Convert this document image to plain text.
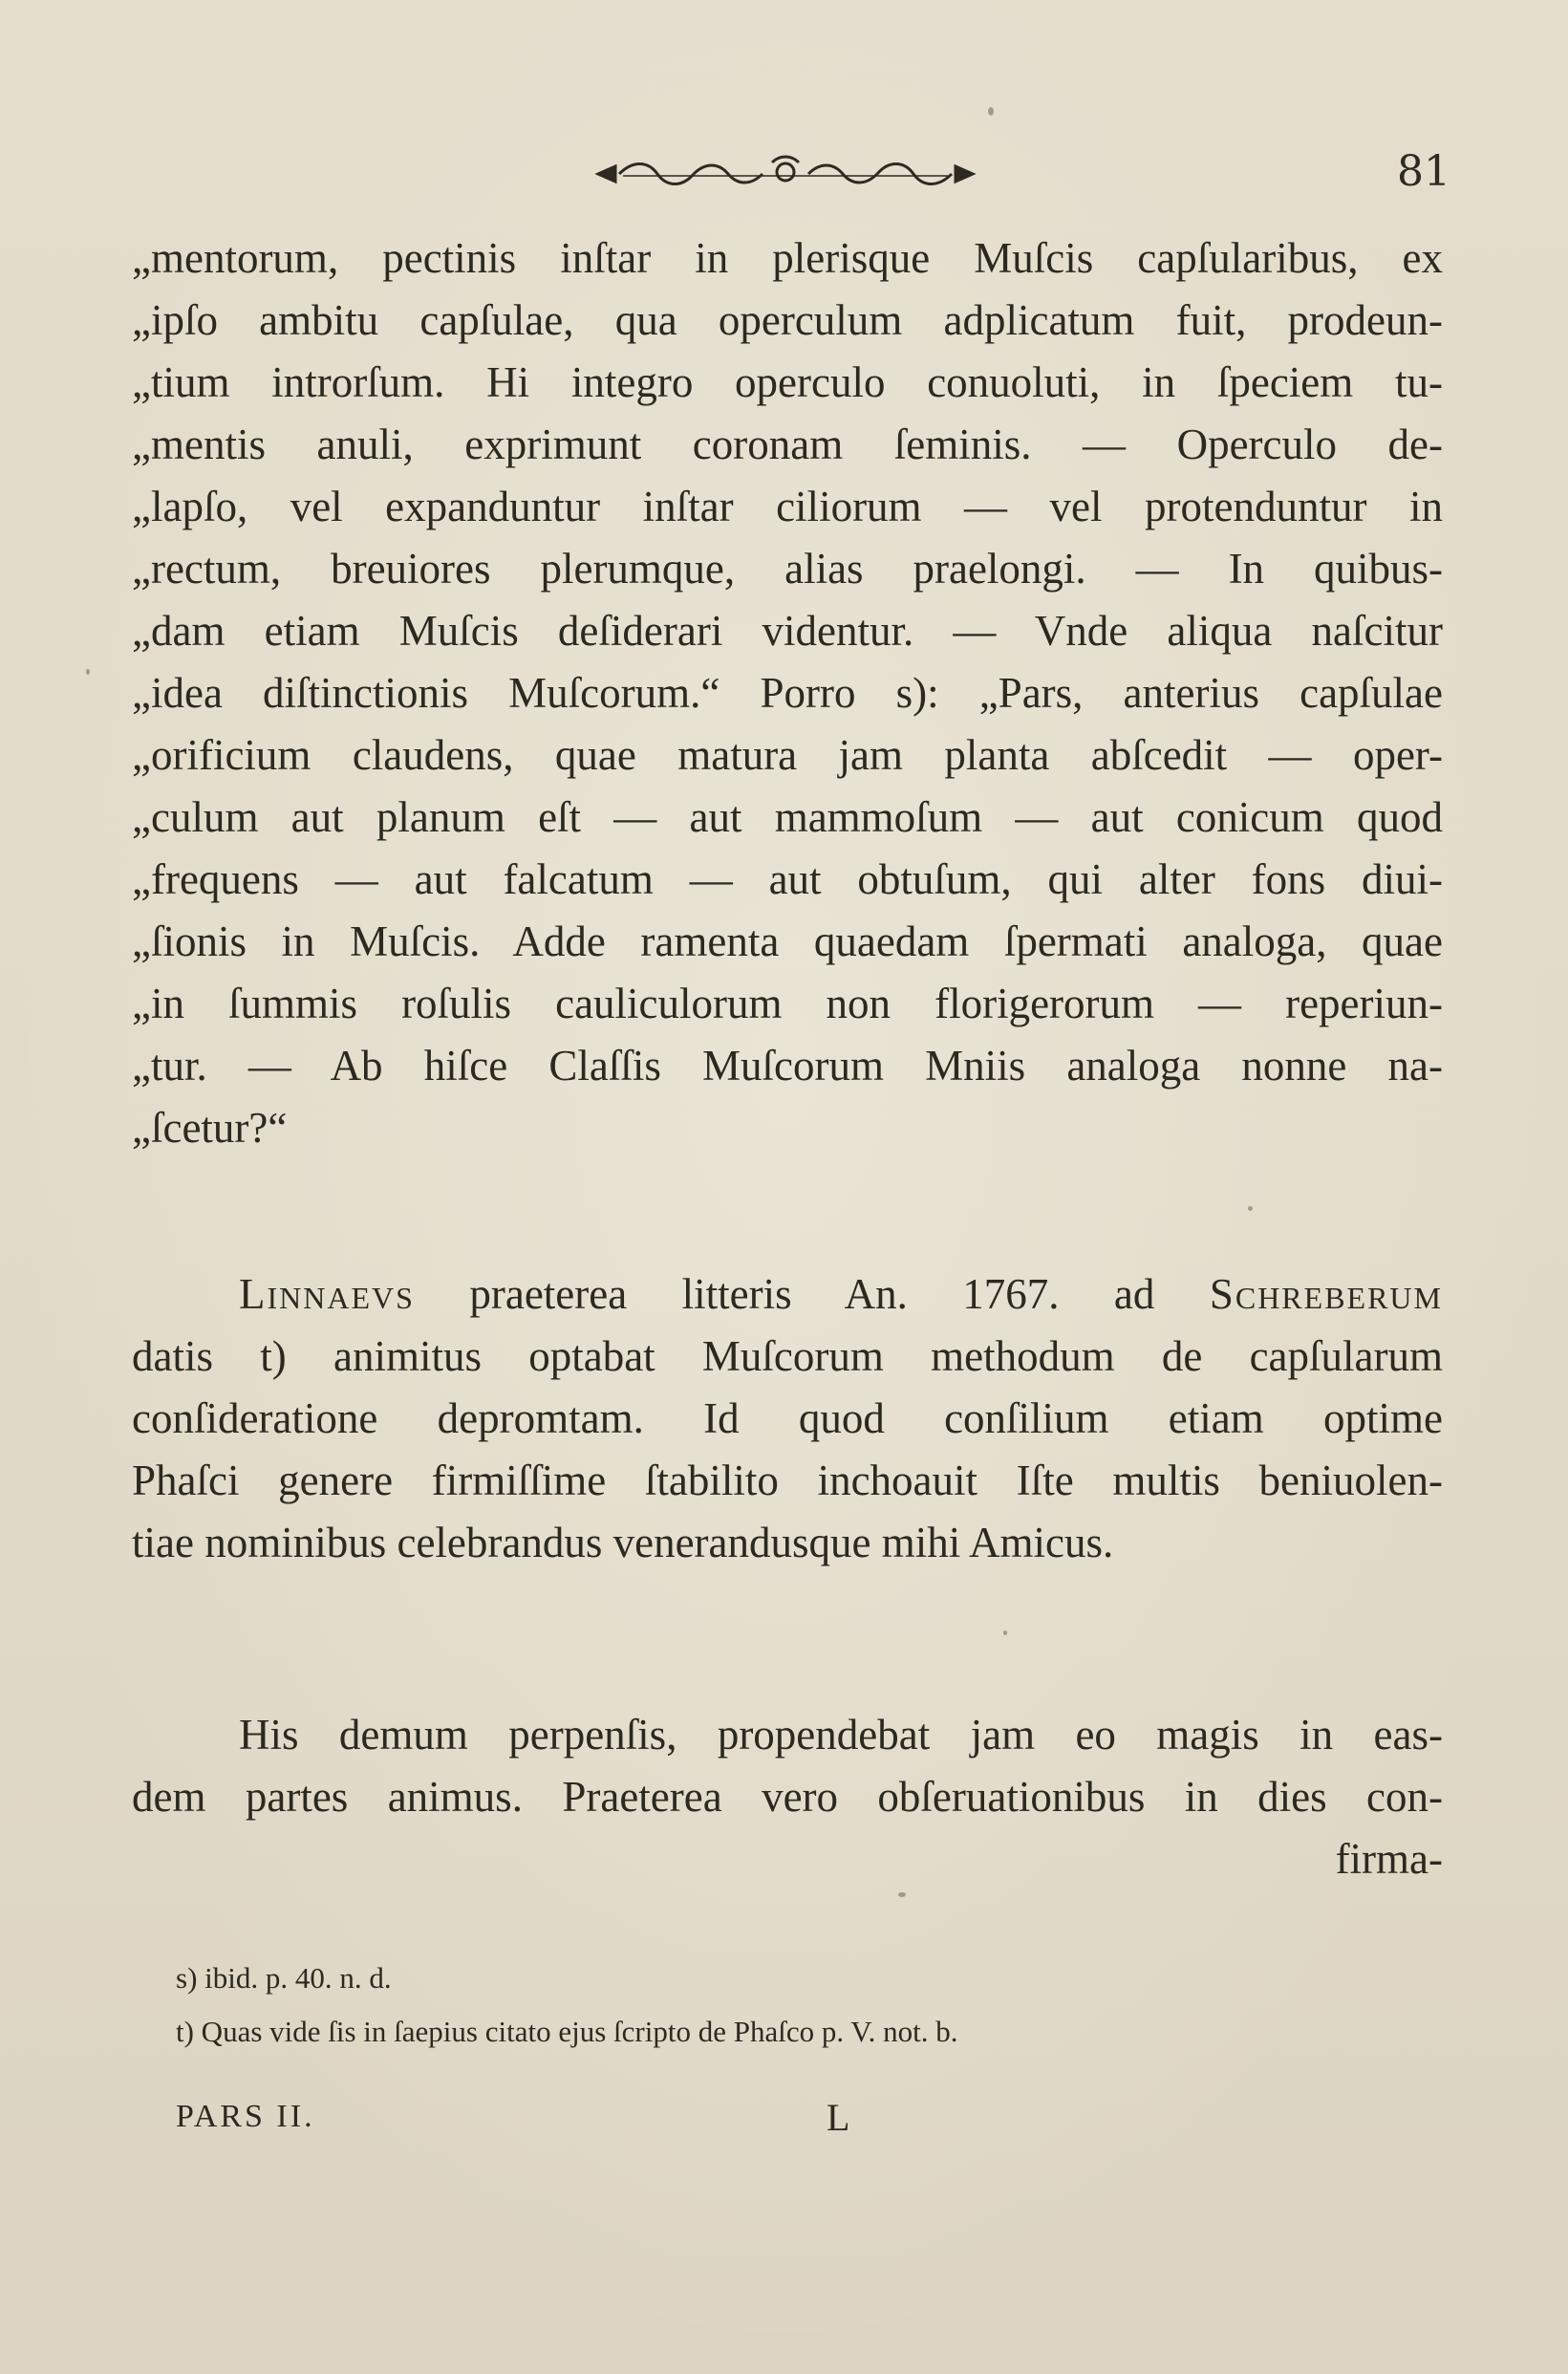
81
„mentorum, pectinis inſtar in plerisque Muſcis capſularibus, ex
„ipſo ambitu capſulae, qua operculum adplicatum fuit, prodeun-
„tium introrſum. Hi integro operculo conuoluti, in ſpeciem tu-
„mentis anuli, exprimunt coronam ſeminis. — Operculo de-
„lapſo, vel expanduntur inſtar ciliorum — vel protenduntur in
„rectum, breuiores plerumque, alias praelongi. — In quibus-
„dam etiam Muſcis deſiderari videntur. — Vnde aliqua naſcitur
„idea diſtinctionis Muſcorum.“ Porro s): „Pars, anterius capſulae
„orificium claudens, quae matura jam planta abſcedit — oper-
„culum aut planum eſt — aut mammoſum — aut conicum quod
„frequens — aut falcatum — aut obtuſum, qui alter fons diui-
„ſionis in Muſcis. Adde ramenta quaedam ſpermati analoga, quae
„in ſummis roſulis cauliculorum non florigerorum — reperiun-
„tur. — Ab hiſce Claſſis Muſcorum Mniis analoga nonne na-
„ſcetur?“
Linnaevs praeterea litteris An. 1767. ad Schreberum
datis t) animitus optabat Muſcorum methodum de capſularum
conſideratione depromtam. Id quod conſilium etiam optime
Phaſci genere firmiſſime ſtabilito inchoauit Iſte multis beniuolen-
tiae nominibus celebrandus venerandusque mihi Amicus.
His demum perpenſis, propendebat jam eo magis in eas-
dem partes animus. Praeterea vero obſeruationibus in dies con-
firma-
s) ibid. p. 40. n. d.
t) Quas vide ſis in ſaepius citato ejus ſcripto de Phaſco p. V. not. b.
PARS II.	L
